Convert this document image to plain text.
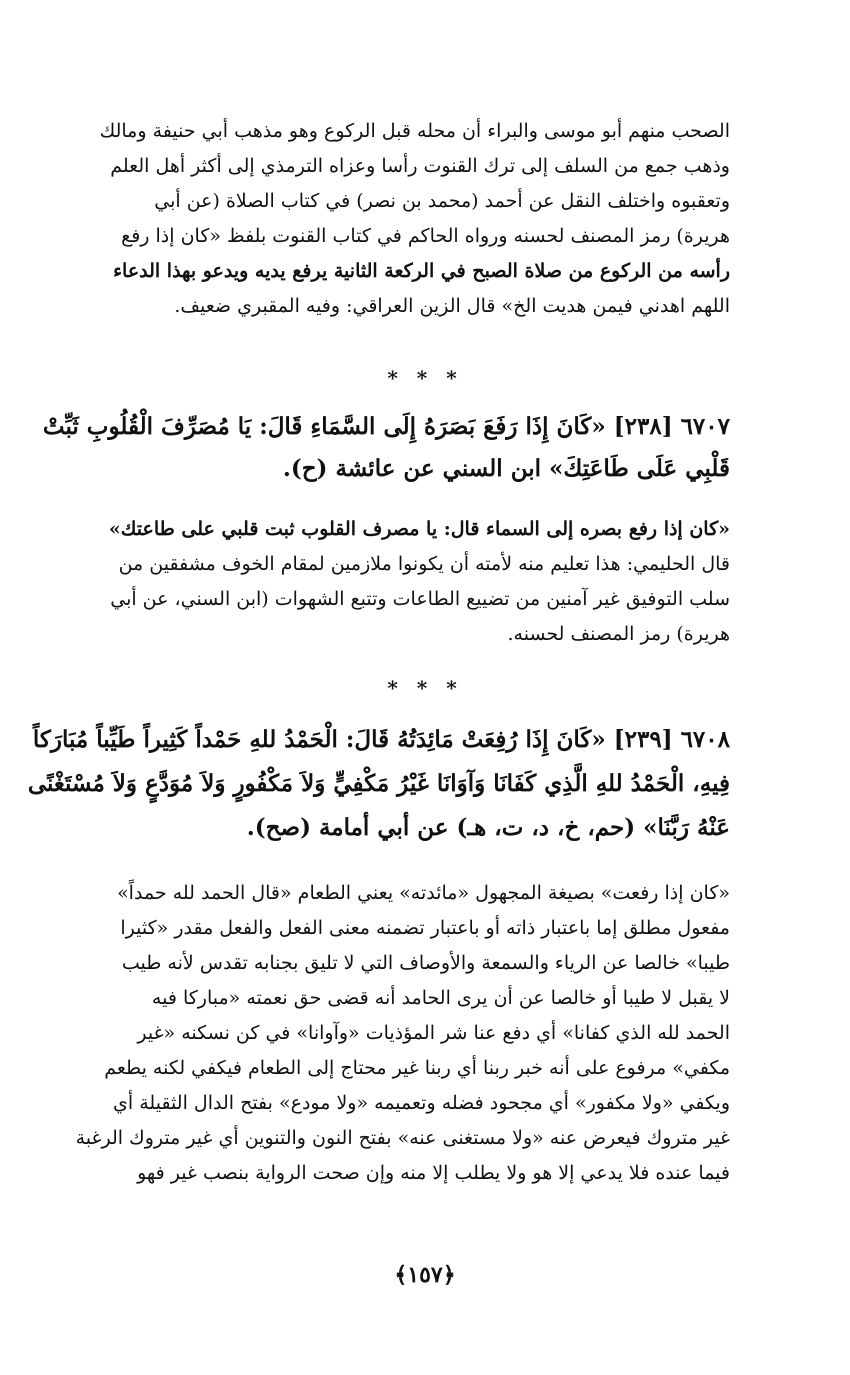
الصحب منهم أبو موسى والبراء أن محله قبل الركوع وهو مذهب أبي حنيفة ومالك
وذهب جمع من السلف إلى ترك القنوت رأسا وعزاه الترمذي إلى أكثر أهل العلم
وتعقبوه واختلف النقل عن أحمد (محمد بن نصر) في كتاب الصلاة (عن أبي
هريرة) رمز المصنف لحسنه ورواه الحاكم في كتاب القنوت بلفظ «كان إذا رفع
رأسه من الركوع من صلاة الصبح في الركعة الثانية يرفع يديه ويدعو بهذا الدعاء
اللهم اهدني فيمن هديت الخ» قال الزين العراقي: وفيه المقبري ضعيف.
* * *
٦٧٠٧ [٢٣٨] «كَانَ إِذَا رَفَعَ بَصَرَهُ إِلَى السَّمَاءِ قَالَ: يَا مُصَرِّفَ الْقُلُوبِ ثَبِّتْ
قَلْبِي عَلَى طَاعَتِكَ» ابن السني عن عائشة (ح).
«كان إذا رفع بصره إلى السماء قال: يا مصرف القلوب ثبت قلبي على طاعتك»
قال الحليمي: هذا تعليم منه لأمته أن يكونوا ملازمين لمقام الخوف مشفقين من
سلب التوفيق غير آمنين من تضييع الطاعات وتتبع الشهوات (ابن السني، عن أبي
هريرة) رمز المصنف لحسنه.
* * *
٦٧٠٨ [٢٣٩] «كَانَ إِذَا رُفِعَتْ مَائِدَتُهُ قَالَ: الْحَمْدُ للهِ حَمْداً كَثِيراً طَيِّباً مُبَارَكاً
فِيهِ، الْحَمْدُ للهِ الَّذِي كَفَانَا وَآوَانَا غَيْرُ مَكْفِيٍّ وَلاَ مَكْفُورٍ وَلاَ مُوَدَّعٍ وَلاَ مُسْتَغْنًى
عَنْهُ رَبَّنَا» (حم، خ، د، ت، هـ) عن أبي أمامة (صح).
«كان إذا رفعت» بصيغة المجهول «مائدته» يعني الطعام «قال الحمد لله حمداً»
مفعول مطلق إما باعتبار ذاته أو باعتبار تضمنه معنى الفعل والفعل مقدر «كثيرا
طيبا» خالصا عن الرياء والسمعة والأوصاف التي لا تليق بجنابه تقدس لأنه طيب
لا يقبل لا طيبا أو خالصا عن أن يرى الحامد أنه قضى حق نعمته «مباركا فيه
الحمد لله الذي كفانا» أي دفع عنا شر المؤذيات «وآوانا» في كن نسكنه «غير
مكفي» مرفوع على أنه خبر ربنا أي ربنا غير محتاج إلى الطعام فيكفي لكنه يطعم
ويكفي «ولا مكفور» أي مجحود فضله وتعميمه «ولا مودع» بفتح الدال الثقيلة أي
غير متروك فيعرض عنه «ولا مستغنى عنه» بفتح النون والتنوين أي غير متروك الرغبة
فيما عنده فلا يدعي إلا هو ولا يطلب إلا منه وإن صحت الرواية بنصب غير فهو
﴿١٥٧﴾
